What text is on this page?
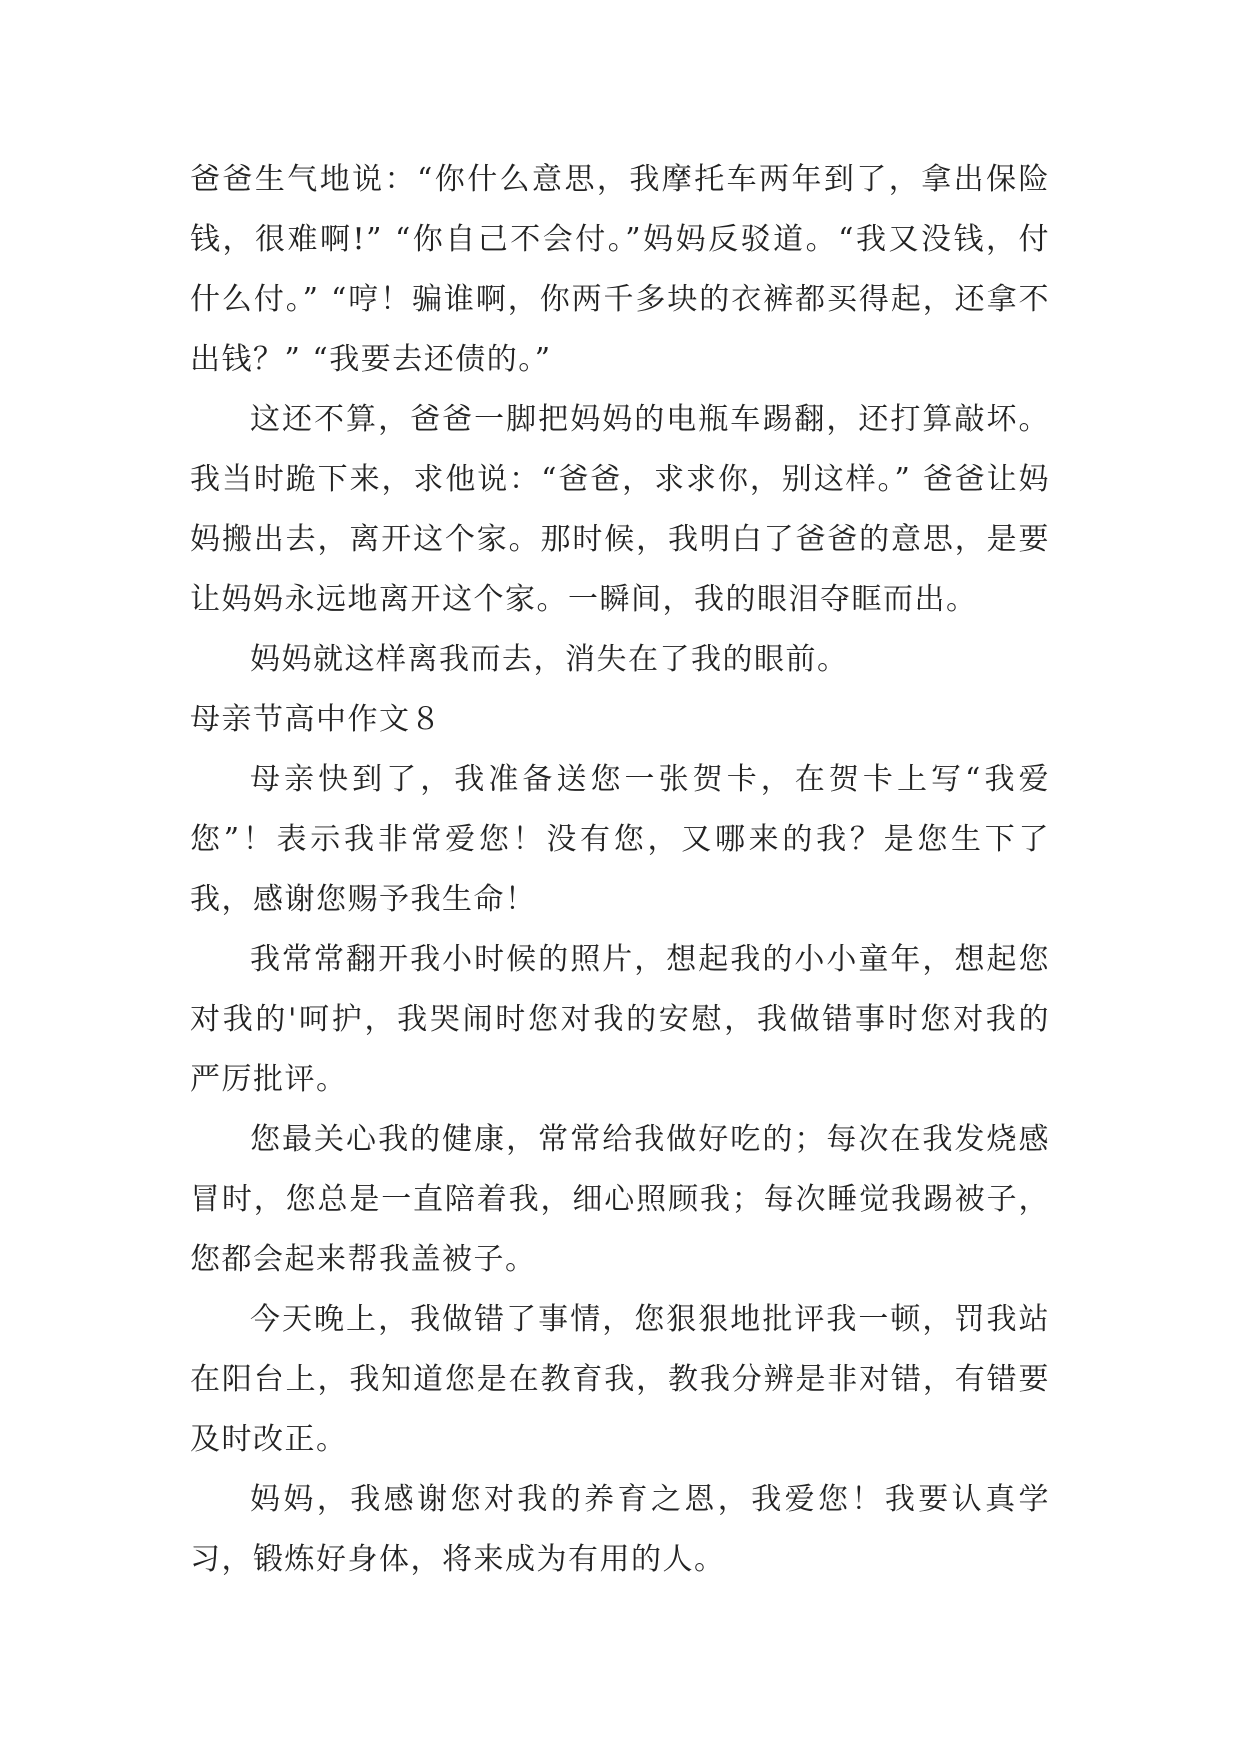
爸爸生气地说：“你什么意思，我摩托车两年到了，拿出保险钱，很难啊!” “你自己不会付。”妈妈反驳道。“我又没钱，付什么付。” “哼！骗谁啊，你两千多块的衣裤都买得起，还拿不出钱？” “我要去还债的。”

这还不算，爸爸一脚把妈妈的电瓶车踢翻，还打算敲坏。我当时跪下来，求他说：“爸爸，求求你，别这样。” 爸爸让妈妈搬出去，离开这个家。那时候，我明白了爸爸的意思，是要让妈妈永远地离开这个家。一瞬间，我的眼泪夺眶而出。

妈妈就这样离我而去，消失在了我的眼前。

母亲节高中作文８

母亲快到了，我准备送您一张贺卡，在贺卡上写“我爱您”！表示我非常爱您！没有您，又哪来的我？是您生下了我，感谢您赐予我生命！

我常常翻开我小时候的照片，想起我的小小童年，想起您对我的'呵护，我哭闹时您对我的安慰，我做错事时您对我的严厉批评。

您最关心我的健康，常常给我做好吃的；每次在我发烧感冒时，您总是一直陪着我，细心照顾我；每次睡觉我踢被子，您都会起来帮我盖被子。

今天晚上，我做错了事情，您狠狠地批评我一顿，罚我站在阳台上，我知道您是在教育我，教我分辨是非对错，有错要及时改正。

妈妈，我感谢您对我的养育之恩，我爱您！我要认真学习，锻炼好身体，将来成为有用的人。
